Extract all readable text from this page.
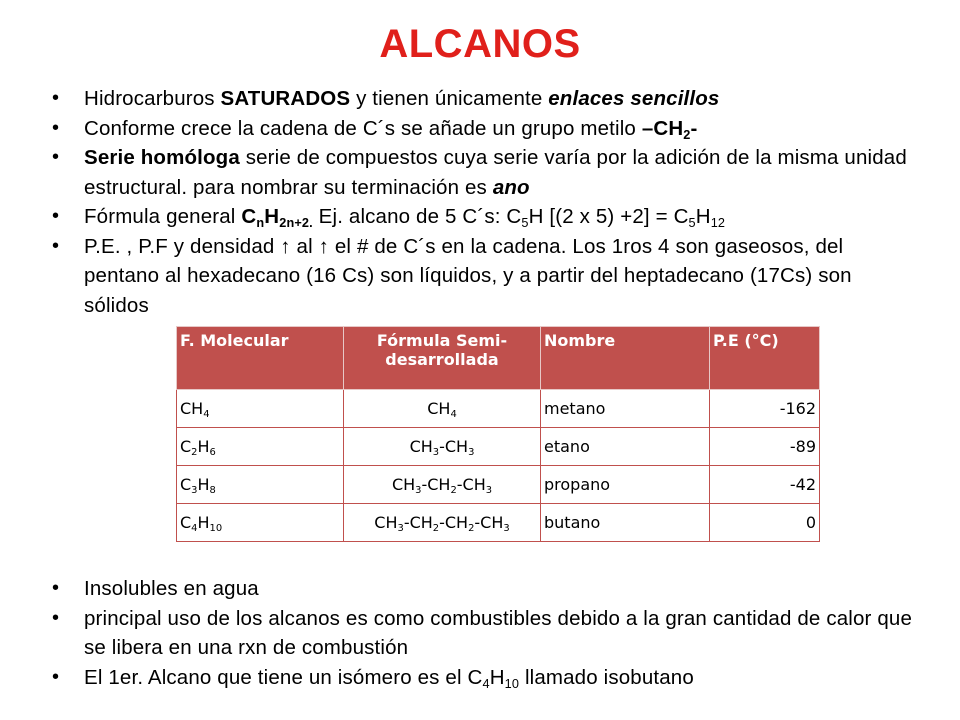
ALCANOS
•	Hidrocarburos SATURADOS y tienen únicamente enlaces sencillos
•	Conforme crece la cadena de C´s se añade un grupo metilo $-CH_2-$
•	Serie homóloga serie de compuestos cuya serie varía por la adición de la misma unidad estructural. para nombrar su terminación es ano
•	Fórmula general $C_nH_{2n+2.}$ Ej. alcano de 5 C´s: $C_5H$ [(2 x $5) +2] = C_5H_{12}$
•	P.E. , P.F y densidad ↑ al ↑ el # de C´s en la cadena. Los 1ros 4 son gaseosos, del pentano al hexadecano (16 Cs) son líquidos, y a partir del heptadecano (17Cs) son sólidos
F. Molecular	Fórmula Semi-desarrollada	Nombre	P.E (°C)
$CH_4$	$CH_4$	metano	-162
$C_2H_6$	$CH_3-CH_3$	etano	-89
$C_3H_8$	$CH_3-CH_2-CH_3$	propano	-42
$C_4H_{10}$	$CH_3-CH_2-CH_2-CH_3$	butano	0
•	Insolubles en agua
•	principal uso de los alcanos es como combustibles debido a la gran cantidad de calor que se libera en una rxn de combustión
•	El 1er. Alcano que tiene un isómero es el $C_4H_{10}$ llamado isobutano
